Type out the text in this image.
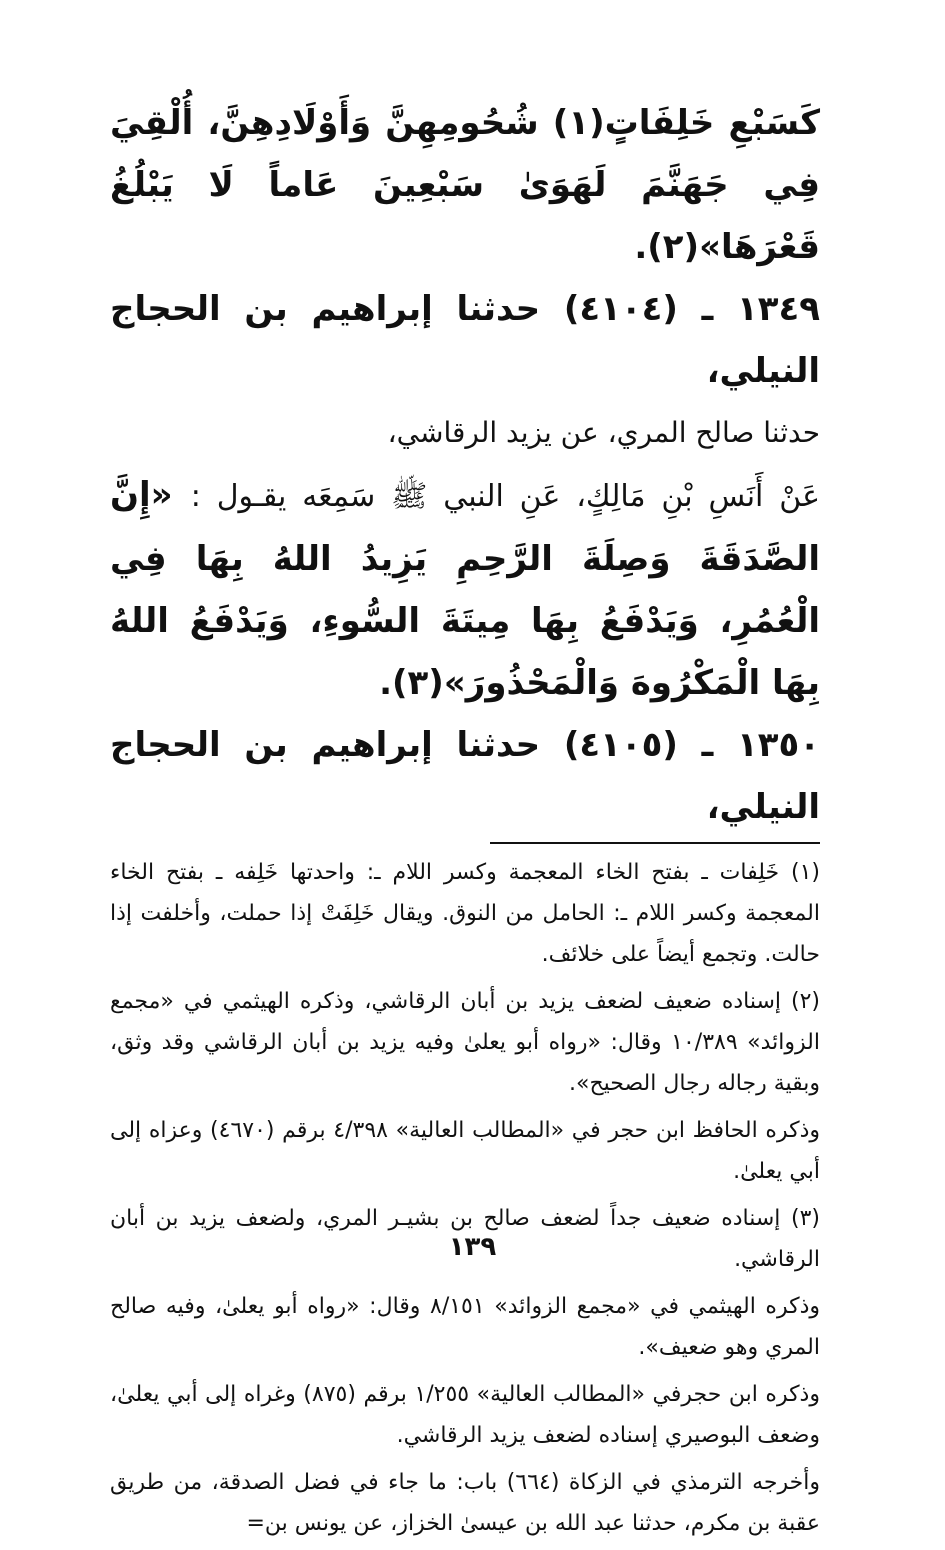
كَسَبْعِ خَلِفَاتٍ(١) شُحُومِهِنَّ وَأَوْلَادِهِنَّ، أُلْقِيَ فِي جَهَنَّمَ لَهَوَىٰ سَبْعِينَ عَاماً لَا يَبْلُغُ قَعْرَهَا»(٢).

١٣٤٩ ـ (٤١٠٤) حدثنا إبراهيم بن الحجاج النيلي،

حدثنا صالح المري، عن يزيد الرقاشي،

عَنْ أَنَسِ بْنِ مَالِكٍ، عَنِ النبي ﷺ سَمِعَه يقـول : «إِنَّ الصَّدَقَةَ وَصِلَةَ الرَّحِمِ يَزِيدُ اللهُ بِهَا فِي الْعُمُرِ، وَيَدْفَعُ بِهَا مِيتَةَ السُّوءِ، وَيَدْفَعُ اللهُ بِهَا الْمَكْرُوهَ وَالْمَحْذُورَ»(٣).

١٣٥٠ ـ (٤١٠٥) حدثنا إبراهيم بن الحجاج النيلي،

(١) خَلِفات ـ بفتح الخاء المعجمة وكسر اللام ـ: واحدتها خَلِفه ـ بفتح الخاء المعجمة وكسر اللام ـ: الحامل من النوق. ويقال خَلِفَتْ إذا حملت، وأخلفت إذا حالت. وتجمع أيضاً على خلائف.

(٢) إسناده ضعيف لضعف يزيد بن أبان الرقاشي، وذكره الهيثمي في «مجمع الزوائد» ١٠/٣٨٩ وقال: «رواه أبو يعلىٰ وفيه يزيد بن أبان الرقاشي وقد وثق، وبقية رجاله رجال الصحيح».

وذكره الحافظ ابن حجر في «المطالب العالية» ٤/٣٩٨ برقم (٤٦٧٠) وعزاه إلى أبي يعلىٰ.

(٣) إسناده ضعيف جداً لضعف صالح بن بشيـر المري، ولضعف يزيد بن أبان الرقاشي.

وذكره الهيثمي في «مجمع الزوائد» ٨/١٥١ وقال: «رواه أبو يعلىٰ، وفيه صالح المري وهو ضعيف».

وذكره ابن حجرفي «المطالب العالية» ١/٢٥٥ برقم (٨٧٥) وغراه إلى أبي يعلىٰ، وضعف البوصيري إسناده لضعف يزيد الرقاشي.

وأخرجه الترمذي في الزكاة (٦٦٤) باب: ما جاء في فضل الصدقة، من طريق عقبة بن مكرم، حدثنا عبد الله بن عيسىٰ الخزاز، عن يونس بن=

١٣٩
